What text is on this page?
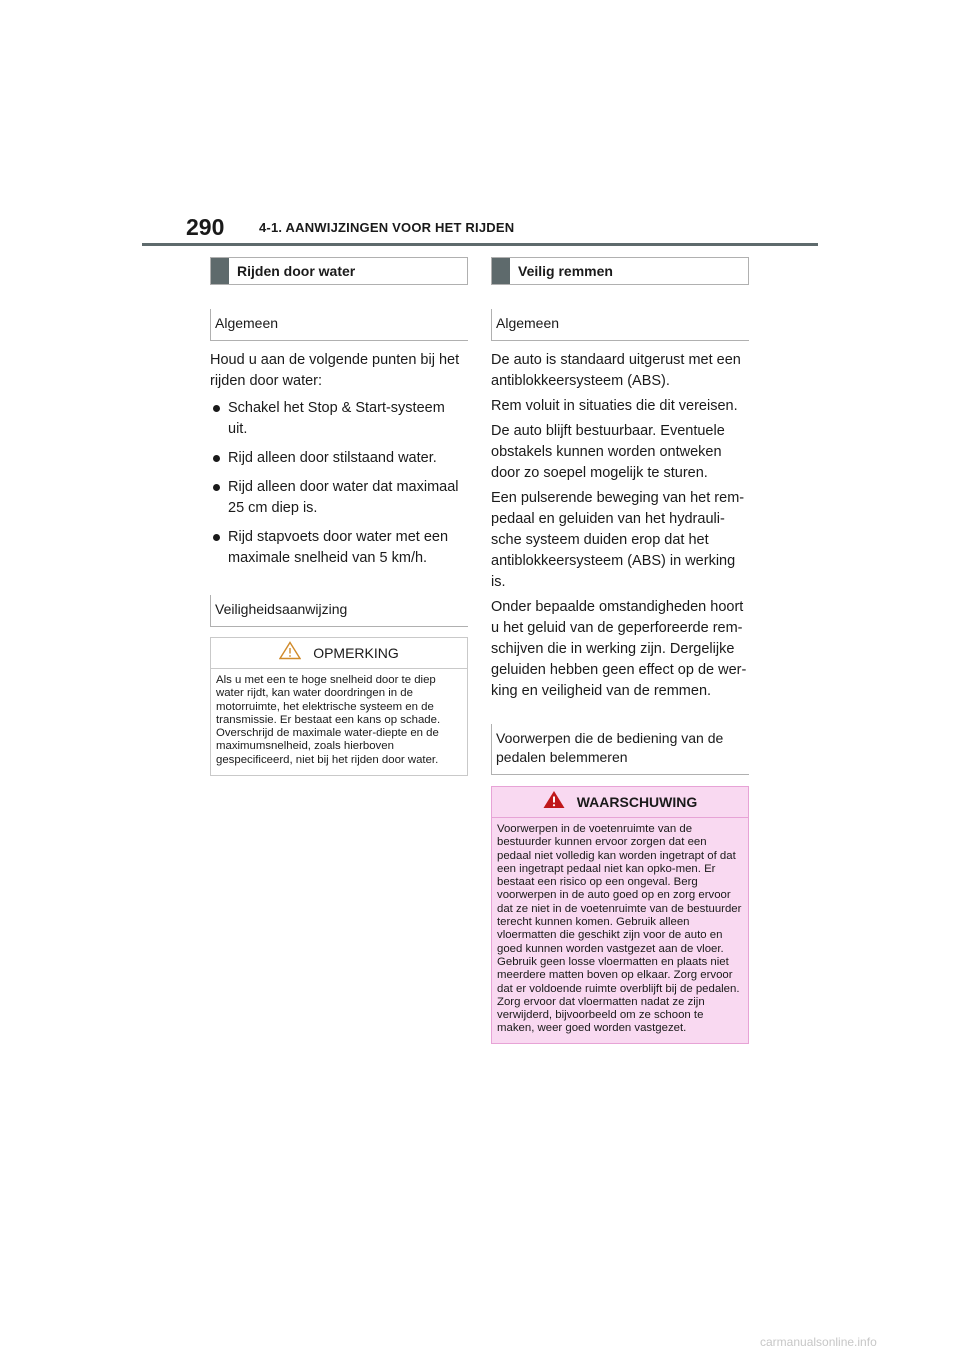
290	4-1. AANWIJZINGEN VOOR HET RIJDEN
Rijden door water
Algemeen

Houd u aan de volgende punten bij het rijden door water:

Schakel het Stop & Start-systeem uit.
Rijd alleen door stilstaand water.
Rijd alleen door water dat maximaal 25 cm diep is.
Rijd stapvoets door water met een maximale snelheid van 5 km/h.
Veiligheidsaanwijzing
OPMERKING
Als u met een te hoge snelheid door te diep water rijdt, kan water doordringen in de motorruimte, het elektrische systeem en de transmissie. Er bestaat een kans op schade. Overschrijd de maximale water-diepte en de maximumsnelheid, zoals hierboven gespecificeerd, niet bij het rijden door water.
Veilig remmen
Algemeen

De auto is standaard uitgerust met een antiblokkeersysteem (ABS).

Rem voluit in situaties die dit vereisen.

De auto blijft bestuurbaar. Eventuele obstakels kunnen worden ontweken door zo soepel mogelijk te sturen.

Een pulserende beweging van het rem-pedaal en geluiden van het hydrauli-sche systeem duiden erop dat het antiblokkeersysteem (ABS) in werking is.

Onder bepaalde omstandigheden hoort u het geluid van de geperforeerde rem-schijven die in werking zijn. Dergelijke geluiden hebben geen effect op de wer-king en veiligheid van de remmen.

Voorwerpen die de bediening van de pedalen belemmeren
WAARSCHUWING
Voorwerpen in de voetenruimte van de bestuurder kunnen ervoor zorgen dat een pedaal niet volledig kan worden ingetrapt of dat een ingetrapt pedaal niet kan opko-men. Er bestaat een risico op een ongeval. Berg voorwerpen in de auto goed op en zorg ervoor dat ze niet in de voetenruimte van de bestuurder terecht kunnen komen. Gebruik alleen vloermatten die geschikt zijn voor de auto en goed kunnen worden vastgezet aan de vloer. Gebruik geen losse vloermatten en plaats niet meerdere matten boven op elkaar. Zorg ervoor dat er voldoende ruimte overblijft bij de pedalen. Zorg ervoor dat vloermatten nadat ze zijn verwijderd, bijvoorbeeld om ze schoon te maken, weer goed worden vastgezet.
carmanualsonline.info
